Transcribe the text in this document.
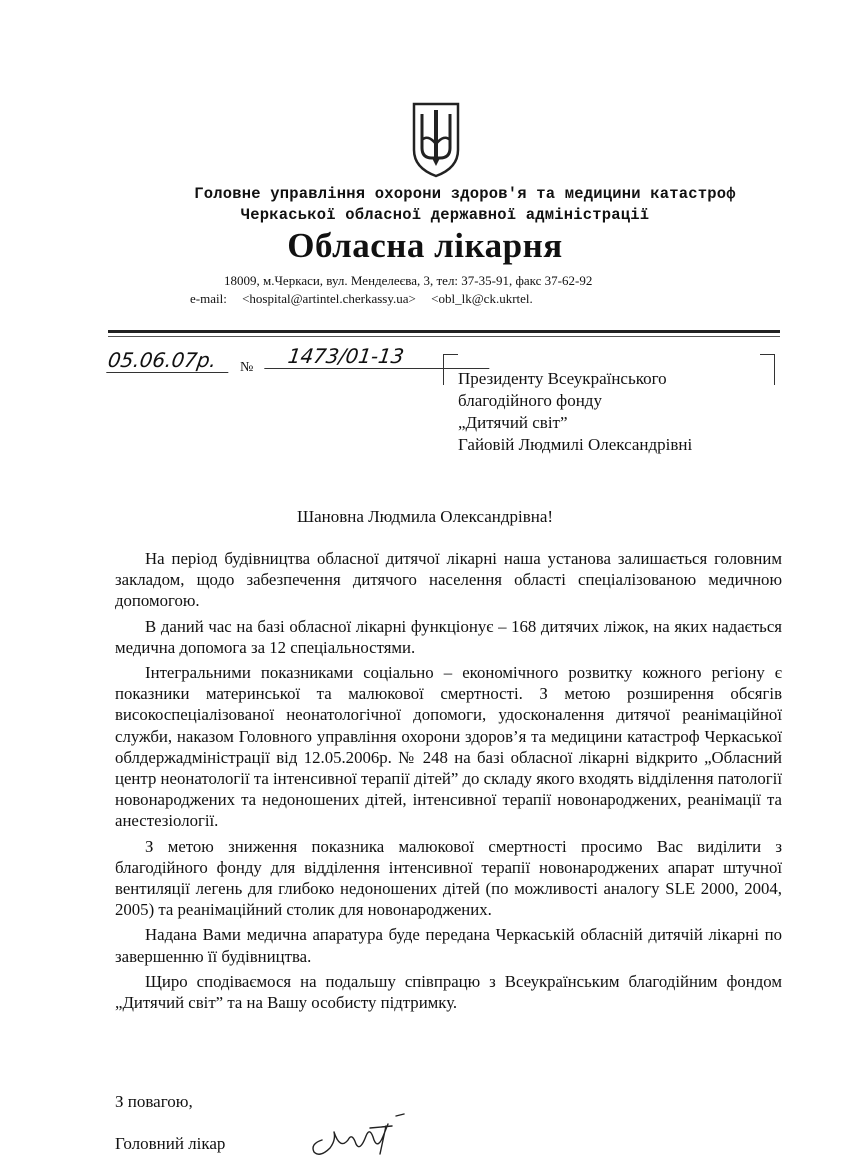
Головне управління охорони здоров'я та медицини катастроф
Черкаської обласної державної адміністрації
Обласна лікарня
18009, м.Черкаси, вул. Менделеєва, 3, тел: 37-35-91, факс 37-62-92
e-mail: <hospital@artintel.cherkassy.ua> <obl_lk@ck.ukrtel.
05.06.07р.	№	1473/01-13
Президенту Всеукраїнського
благодійного фонду
„Дитячий світ”
Гайовій Людмилі Олександрівні
Шановна Людмила Олександрівна!

На період будівництва обласної дитячої лікарні наша установа залишається головним закладом, щодо забезпечення дитячого населення області спеціалізованою медичною допомогою.

В даний час на базі обласної лікарні функціонує – 168 дитячих ліжок, на яких надається медична допомога за 12 спеціальностями.

Інтегральними показниками соціально – економічного розвитку кожного регіону є показники материнської та малюкової смертності. З метою розширення обсягів високоспеціалізованої неонатологічної допомоги, удосконалення дитячої реанімаційної служби, наказом Головного управління охорони здоров’я та медицини катастроф Черкаської облдержадміністрації від 12.05.2006р. № 248 на базі обласної лікарні відкрито „Обласний центр неонатології та інтенсивної терапії дітей” до складу якого входять відділення патології новонароджених та недоношених дітей, інтенсивної терапії новонароджених, реанімації та анестезіології.

З метою зниження показника малюкової смертності просимо Вас виділити з благодійного фонду для відділення інтенсивної терапії новонароджених апарат штучної вентиляції легень для глибоко недоношених дітей (по можливості аналогу SLE 2000, 2004, 2005) та реанімаційний столик для новонароджених.

Надана Вами медична апаратура буде передана Черкаській обласній дитячій лікарні по завершенню її будівництва.

Щиро сподіваємося на подальшу співпрацю з Всеукраїнським благодійним фондом „Дитячий світ” та на Вашу особисту підтримку.

З повагою,
Головний лікар
